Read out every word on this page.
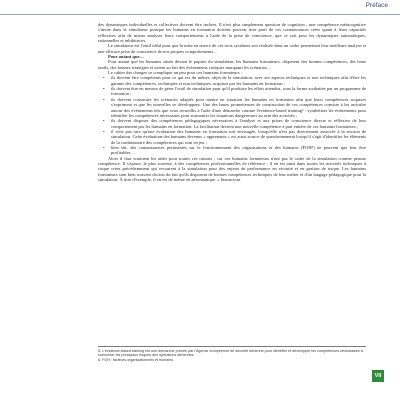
Préface

des dynamiques individuelles et collectives doivent être inclues. Il n'est plus simplement question de cognition ; une compétence métacognitive s'invite dans le simulateur puisque les humains en formation doivent pouvoir tirer parti de ces connaissances crées quant à leurs capacités réflexives afin de mieux analyser leurs comportements à l'aide de la prise de conscience, que ce soit pour les dynamiques automatiques, rationnelles et inhibitrices.

Le simulateur est l'outil idéal pour que la mise en œuvre de ces trois systèmes soit réalisée dans un cadre permettant leur meilleure analyse et une efficace prise de conscience de nos propres comportements…

Pour autant que…

Pour autant que les humains situés devant le pupitre du simulateur, les humains formateurs, disposent des bonnes compétences, des bons outils, des bonnes stratégies et soient au fait des événements critiques marquant les scénarios…

Le cahier des charges se complique un peu pour ces humains formateurs :

• ils doivent être compétents pour ce qui est du métier, objet de la simulation, avec ses aspects techniques et non techniques afin d'être les garants des compétences, techniques et non techniques, acquises par les humains en formation ;
• ils doivent être en mesure de gérer l'outil de simulation pour qu'il produise les effets attendus, sous la forme souhaitée par un programme de formation ;
• ils doivent construire les scénarios adaptés pour mettre en situation les humains en formation afin que leurs compétences acquises s'expriment et que les nouvelles se développent. Une des bases prometteuses de construction de ces compétences consiste à les articuler autour des événements tels que ceux recueillis à l'aide d'une démarche comme l'evidence-based training⁵ : synthétiser les événements pour identifier les compétences nécessaires pour surmonter les situations dangereuses au sein des activités ;
• ils doivent disposer des compétences pédagogiques nécessaires à l'analyse et aux prises de conscience directe et réflexive de leur comportement par les humains en formation. La facilitation devient une nouvelle compétence à part entière de ces humains formateurs ;
• il n'est pas rare qu'une évaluation des humains en formation soit envisagée, lorsqu'elle n'est pas directement associée à la session de simulation. Cette évaluation des humains devenus « apprenants » est aussi source de questionnement lorsqu'il s'agit d'identifier les éléments de la combinatoire des compétences qui sont en jeu ;
• bien sûr, des connaissances pertinentes sur le fonctionnement des organisations et des humains (FOH⁶) ne peuvent que leur être profitables…

Alors il faut vraiment les aider pour toutes ces raisons ; car ces humains formateurs n'ont pas le cadre de la simulation comme prisme compétence. Il s'ajoute, le plus souvent, à des compétences professionnelles de référence ; il en est ainsi dans toutes les activités techniques à risque crées précédemment qui recourent à la simulation pour des enjeux de performance en sécurité et en gestion de risque. Les humains formateurs sont bien souvent choisis du fait qu'ils disposent de bonnes compétences techniques de leur métier et d'un langage pédagogique pour la simulation. À titre d'exemple, il en est de même en aéronautique. « Instructeur

5. L'evidence-based training est une démarche prônée par l'Agence européenne de sécurité aérienne pour identifier et développer les compétences nécessaires à surmonter les principaux risques des opérations aériennes.

6. FOH : facteurs organisationnels et humains.

VII
